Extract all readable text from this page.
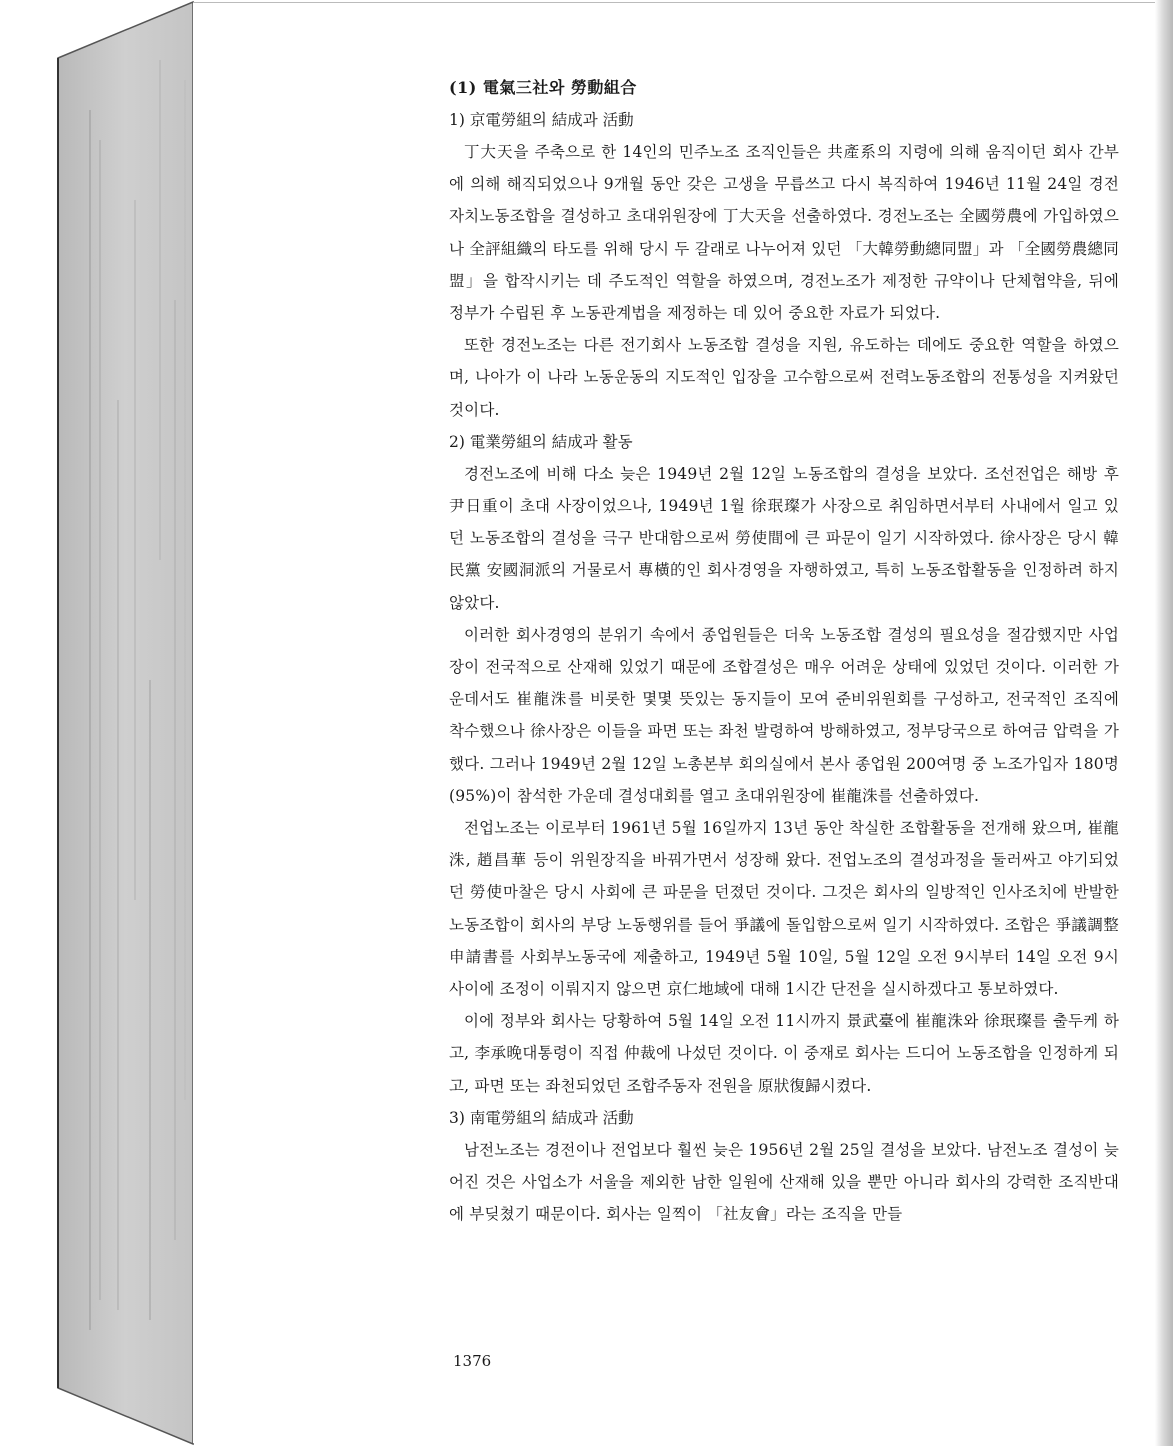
(1) 電氣三社와 勞動組合

1) 京電勞組의 結成과 活動

丁大天을 주축으로 한 14인의 민주노조 조직인들은 共產系의 지령에 의해 움직이던 회사 간부에 의해 해직되었으나 9개월 동안 갖은 고생을 무릅쓰고 다시 복직하여 1946년 11월 24일 경전자치노동조합을 결성하고 초대위원장에 丁大天을 선출하였다. 경전노조는 全國勞農에 가입하였으나 全評組織의 타도를 위해 당시 두 갈래로 나누어져 있던 「大韓勞動總同盟」과 「全國勞農總同盟」을 합작시키는 데 주도적인 역할을 하였으며, 경전노조가 제정한 규약이나 단체협약을, 뒤에 정부가 수립된 후 노동관계법을 제정하는 데 있어 중요한 자료가 되었다.

또한 경전노조는 다른 전기회사 노동조합 결성을 지원, 유도하는 데에도 중요한 역할을 하였으며, 나아가 이 나라 노동운동의 지도적인 입장을 고수함으로써 전력노동조합의 전통성을 지켜왔던 것이다.

2) 電業勞組의 結成과 활동

경전노조에 비해 다소 늦은 1949년 2월 12일 노동조합의 결성을 보았다. 조선전업은 해방 후 尹日重이 초대 사장이었으나, 1949년 1월 徐珉璨가 사장으로 취임하면서부터 사내에서 일고 있던 노동조합의 결성을 극구 반대함으로써 勞使間에 큰 파문이 일기 시작하였다. 徐사장은 당시 韓民黨 安國洞派의 거물로서 專橫的인 회사경영을 자행하였고, 특히 노동조합활동을 인정하려 하지 않았다.

이러한 회사경영의 분위기 속에서 종업원들은 더욱 노동조합 결성의 필요성을 절감했지만 사업장이 전국적으로 산재해 있었기 때문에 조합결성은 매우 어려운 상태에 있었던 것이다. 이러한 가운데서도 崔龍洙를 비롯한 몇몇 뜻있는 동지들이 모여 준비위원회를 구성하고, 전국적인 조직에 착수했으나 徐사장은 이들을 파면 또는 좌천 발령하여 방해하였고, 정부당국으로 하여금 압력을 가했다. 그러나 1949년 2월 12일 노총본부 회의실에서 본사 종업원 200여명 중 노조가입자 180명(95%)이 참석한 가운데 결성대회를 열고 초대위원장에 崔龍洙를 선출하였다.

전업노조는 이로부터 1961년 5월 16일까지 13년 동안 착실한 조합활동을 전개해 왔으며, 崔龍洙, 趙昌華 등이 위원장직을 바꿔가면서 성장해 왔다. 전업노조의 결성과정을 둘러싸고 야기되었던 勞使마찰은 당시 사회에 큰 파문을 던졌던 것이다. 그것은 회사의 일방적인 인사조치에 반발한 노동조합이 회사의 부당 노동행위를 들어 爭議에 돌입함으로써 일기 시작하였다. 조합은 爭議調整申請書를 사회부노동국에 제출하고, 1949년 5월 10일, 5월 12일 오전 9시부터 14일 오전 9시 사이에 조정이 이뤄지지 않으면 京仁地域에 대해 1시간 단전을 실시하겠다고 통보하였다.

이에 정부와 회사는 당황하여 5월 14일 오전 11시까지 景武臺에 崔龍洙와 徐珉璨를 출두케 하고, 李承晚대통령이 직접 仲裁에 나섰던 것이다. 이 중재로 회사는 드디어 노동조합을 인정하게 되고, 파면 또는 좌천되었던 조합주동자 전원을 原狀復歸시켰다.

3) 南電勞組의 結成과 活動

남전노조는 경전이나 전업보다 훨씬 늦은 1956년 2월 25일 결성을 보았다. 남전노조 결성이 늦어진 것은 사업소가 서울을 제외한 남한 일원에 산재해 있을 뿐만 아니라 회사의 강력한 조직반대에 부딪쳤기 때문이다. 회사는 일찍이 「社友會」라는 조직을 만들

1376
